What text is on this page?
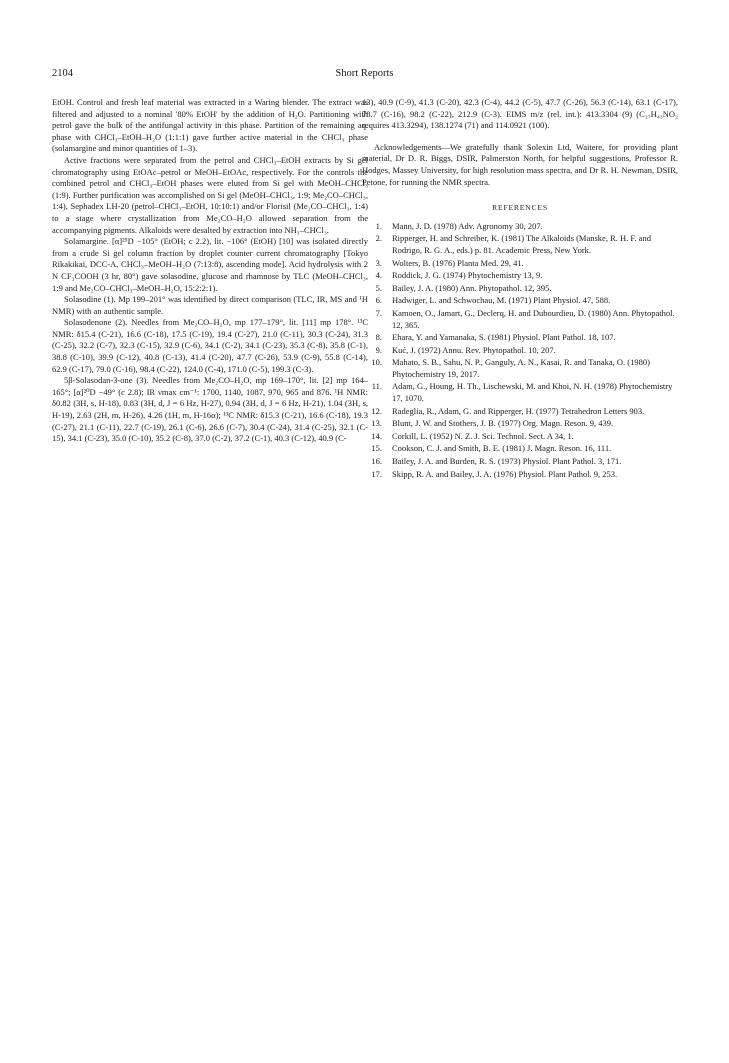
2104	Short Reports

EtOH. Control and fresh leaf material was extracted in a Waring blender. The extract was filtered and adjusted to a nominal '80% EtOH' by the addition of H₂O. Partitioning with petrol gave the bulk of the antifungal activity in this phase. Partition of the remaining aq. phase with CHCl₃–EtOH–H₂O (1:1:1) gave further active material in the CHCl₃ phase (solamargine and minor quantities of 1–3).

Active fractions were separated from the petrol and CHCl₃–EtOH extracts by Si gel chromatography using EtOAc–petrol or MeOH–EtOAc, respectively. For the controls the combined petrol and CHCl₃–EtOH phases were eluted from Si gel with MeOH–CHCl₃ (1:9). Further purification was accomplished on Si gel (MeOH–CHCl₃, 1:9; Me₂CO–CHCl₃, 1:4), Sephadex LH-20 (petrol–CHCl₃–EtOH, 10:10:1) and/or Florisil (Me₂CO–CHCl₃, 1:4) to a stage where crystallization from Me₂CO–H₂O allowed separation from the accompanying pigments. Alkaloids were desalted by extraction into NH₃–CHCl₃.

Solamargine. [α]²⁵D −105° (EtOH; c 2.2), lit. −106° (EtOH) [10] was isolated directly from a crude Si gel column fraction by droplet counter current chromatography [Tokyo Rikakikai, DCC-A, CHCl₃–MeOH–H₂O (7:13:8), ascending mode]. Acid hydrolysis with 2 N CF₃COOH (3 hr, 80°) gave solasodine, glucose and rhamnose by TLC (MeOH–CHCl₃, 1:9 and Me₂CO–CHCl₃–MeOH–H₂O, 15:2:2:1).

Solasodine (1). Mp 199–201° was identified by direct comparison (TLC, IR, MS and ¹H NMR) with an authentic sample.

Solasodenone (2). Needles from Me₂CO–H₂O, mp 177–179°, lit. [11] mp 178°. ¹³C NMR: δ15.4 (C-21), 16.6 (C-18), 17.5 (C-19), 19.4 (C-27), 21.0 (C-11), 30.3 (C-24), 31.3 (C-25), 32.2 (C-7), 32.3 (C-15), 32.9 (C-6), 34.1 (C-2), 34.1 (C-23), 35.3 (C-8), 35.8 (C-1), 38.8 (C-10), 39.9 (C-12), 40.8 (C-13), 41.4 (C-20), 47.7 (C-26), 53.9 (C-9), 55.8 (C-14), 62.9 (C-17), 79.0 (C-16), 98.4 (C-22), 124.0 (C-4), 171.0 (C-5), 199.3 (C-3).

5β-Solasodan-3-one (3). Needles from Me₂CO–H₂O, mp 169–170°, lit. [2] mp 164–165°; [α]²⁰D −49° (c 2.8); IR νmax cm⁻¹: 1700, 1140, 1087, 970, 965 and 876. ¹H NMR: δ0.82 (3H, s, H-18), 0.83 (3H, d, J = 6 Hz, H-27), 0.94 (3H, d, J = 6 Hz, H-21), 1.04 (3H, s, H-19), 2.63 (2H, m, H-26), 4.26 (1H, m, H-16α); ¹³C NMR: δ15.3 (C-21), 16.6 (C-18), 19.3 (C-27), 21.1 (C-11), 22.7 (C-19), 26.1 (C-6), 26.6 (C-7), 30.4 (C-24), 31.4 (C-25), 32.1 (C-15), 34.1 (C-23), 35.0 (C-10), 35.2 (C-8), 37.0 (C-2), 37.2 (C-1), 40.3 (C-12), 40.9 (C-

13), 40.9 (C-9), 41.3 (C-20), 42.3 (C-4), 44.2 (C-5), 47.7 (C-26), 56.3 (C-14), 63.1 (C-17), 78.7 (C-16), 98.2 (C-22), 212.9 (C-3). EIMS m/z (rel. int.): 413.3304 (9) (C₂₇H₄₃NO₂ requires 413.3294), 138.1274 (71) and 114.0921 (100).

Acknowledgements—We gratefully thank Solexin Ltd, Waitere, for providing plant material, Dr D. R. Biggs, DSIR, Palmerston North, for helpful suggestions, Professor R. Hodges, Massey University, for high resolution mass spectra, and Dr R. H. Newman, DSIR, Petone, for running the NMR spectra.

REFERENCES
1. Mann, J. D. (1978) Adv. Agronomy 30, 207.
2. Ripperger, H. and Schreiber, K. (1981) The Alkaloids (Manske, R. H. F. and Rodrigo, R. G. A., eds.) p. 81. Academic Press, New York.
3. Wolters, B. (1976) Planta Med. 29, 41.
4. Roddick, J. G. (1974) Phytochemistry 13, 9.
5. Bailey, J. A. (1980) Ann. Phytopathol. 12, 395.
6. Hadwiger, L. and Schwochau, M. (1971) Plant Physiol. 47, 588.
7. Kamoen, O., Jamart, G., Declerq, H. and Dubourdieu, D. (1980) Ann. Phytopathol. 12, 365.
8. Ehara, Y. and Yamanaka, S. (1981) Physiol. Plant Pathol. 18, 107.
9. Kuć, J. (1972) Annu. Rev. Phytopathol. 10, 207.
10. Mahato, S. B., Sahu, N. P., Ganguly, A. N., Kasai, R. and Tanaka, O. (1980) Phytochemistry 19, 2017.
11. Adam, G., Houng, H. Th., Lischewski, M. and Khoi, N. H. (1978) Phytochemistry 17, 1070.
12. Radeglia, R., Adam, G. and Ripperger, H. (1977) Tetrahedron Letters 903.
13. Blunt, J. W. and Stothers, J. B. (1977) Org. Magn. Reson. 9, 439.
14. Corkill, L. (1952) N. Z. J. Sci. Technol. Sect. A 34, 1.
15. Cookson, C. J. and Smith, B. E. (1981) J. Magn. Reson. 16, 111.
16. Bailey, J. A. and Burden, R. S. (1973) Physiol. Plant Pathol. 3, 171.
17. Skipp, R. A. and Bailey, J. A. (1976) Physiol. Plant Pathol. 9, 253.
